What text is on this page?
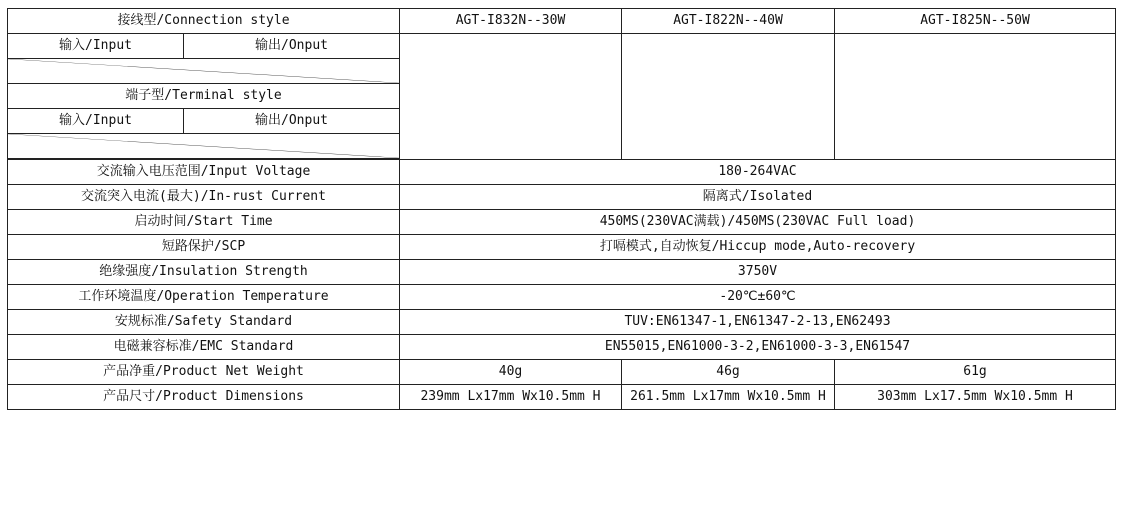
接线型/Connection style		AGT-I832N--30W	AGT-I822N--40W	AGT-I825N--50W
输入/Input	输出/Onput			

端子型/Terminal style				
输入/Input	输出/Onput			

交流输入电压范围/Input Voltage		180-264VAC		
交流突入电流(最大)/In-rust Current		隔离式/Isolated		
启动时间/Start Time		450MS(230VAC满载)/450MS(230VAC Full load)		
短路保护/SCP		打嗝模式,自动恢复/Hiccup mode,Auto-recovery		
绝缘强度/Insulation Strength		3750V		
工作环境温度/Operation Temperature		-20℃±60℃		
安规标准/Safety Standard		TUV:EN61347-1,EN61347-2-13,EN62493		
电磁兼容标准/EMC Standard		EN55015,EN61000-3-2,EN61000-3-3,EN61547		
产品净重/Product Net Weight		40g	46g	61g
产品尺寸/Product Dimensions		239mm Lx17mm Wx10.5mm H	261.5mm Lx17mm Wx10.5mm H	303mm Lx17.5mm Wx10.5mm H
